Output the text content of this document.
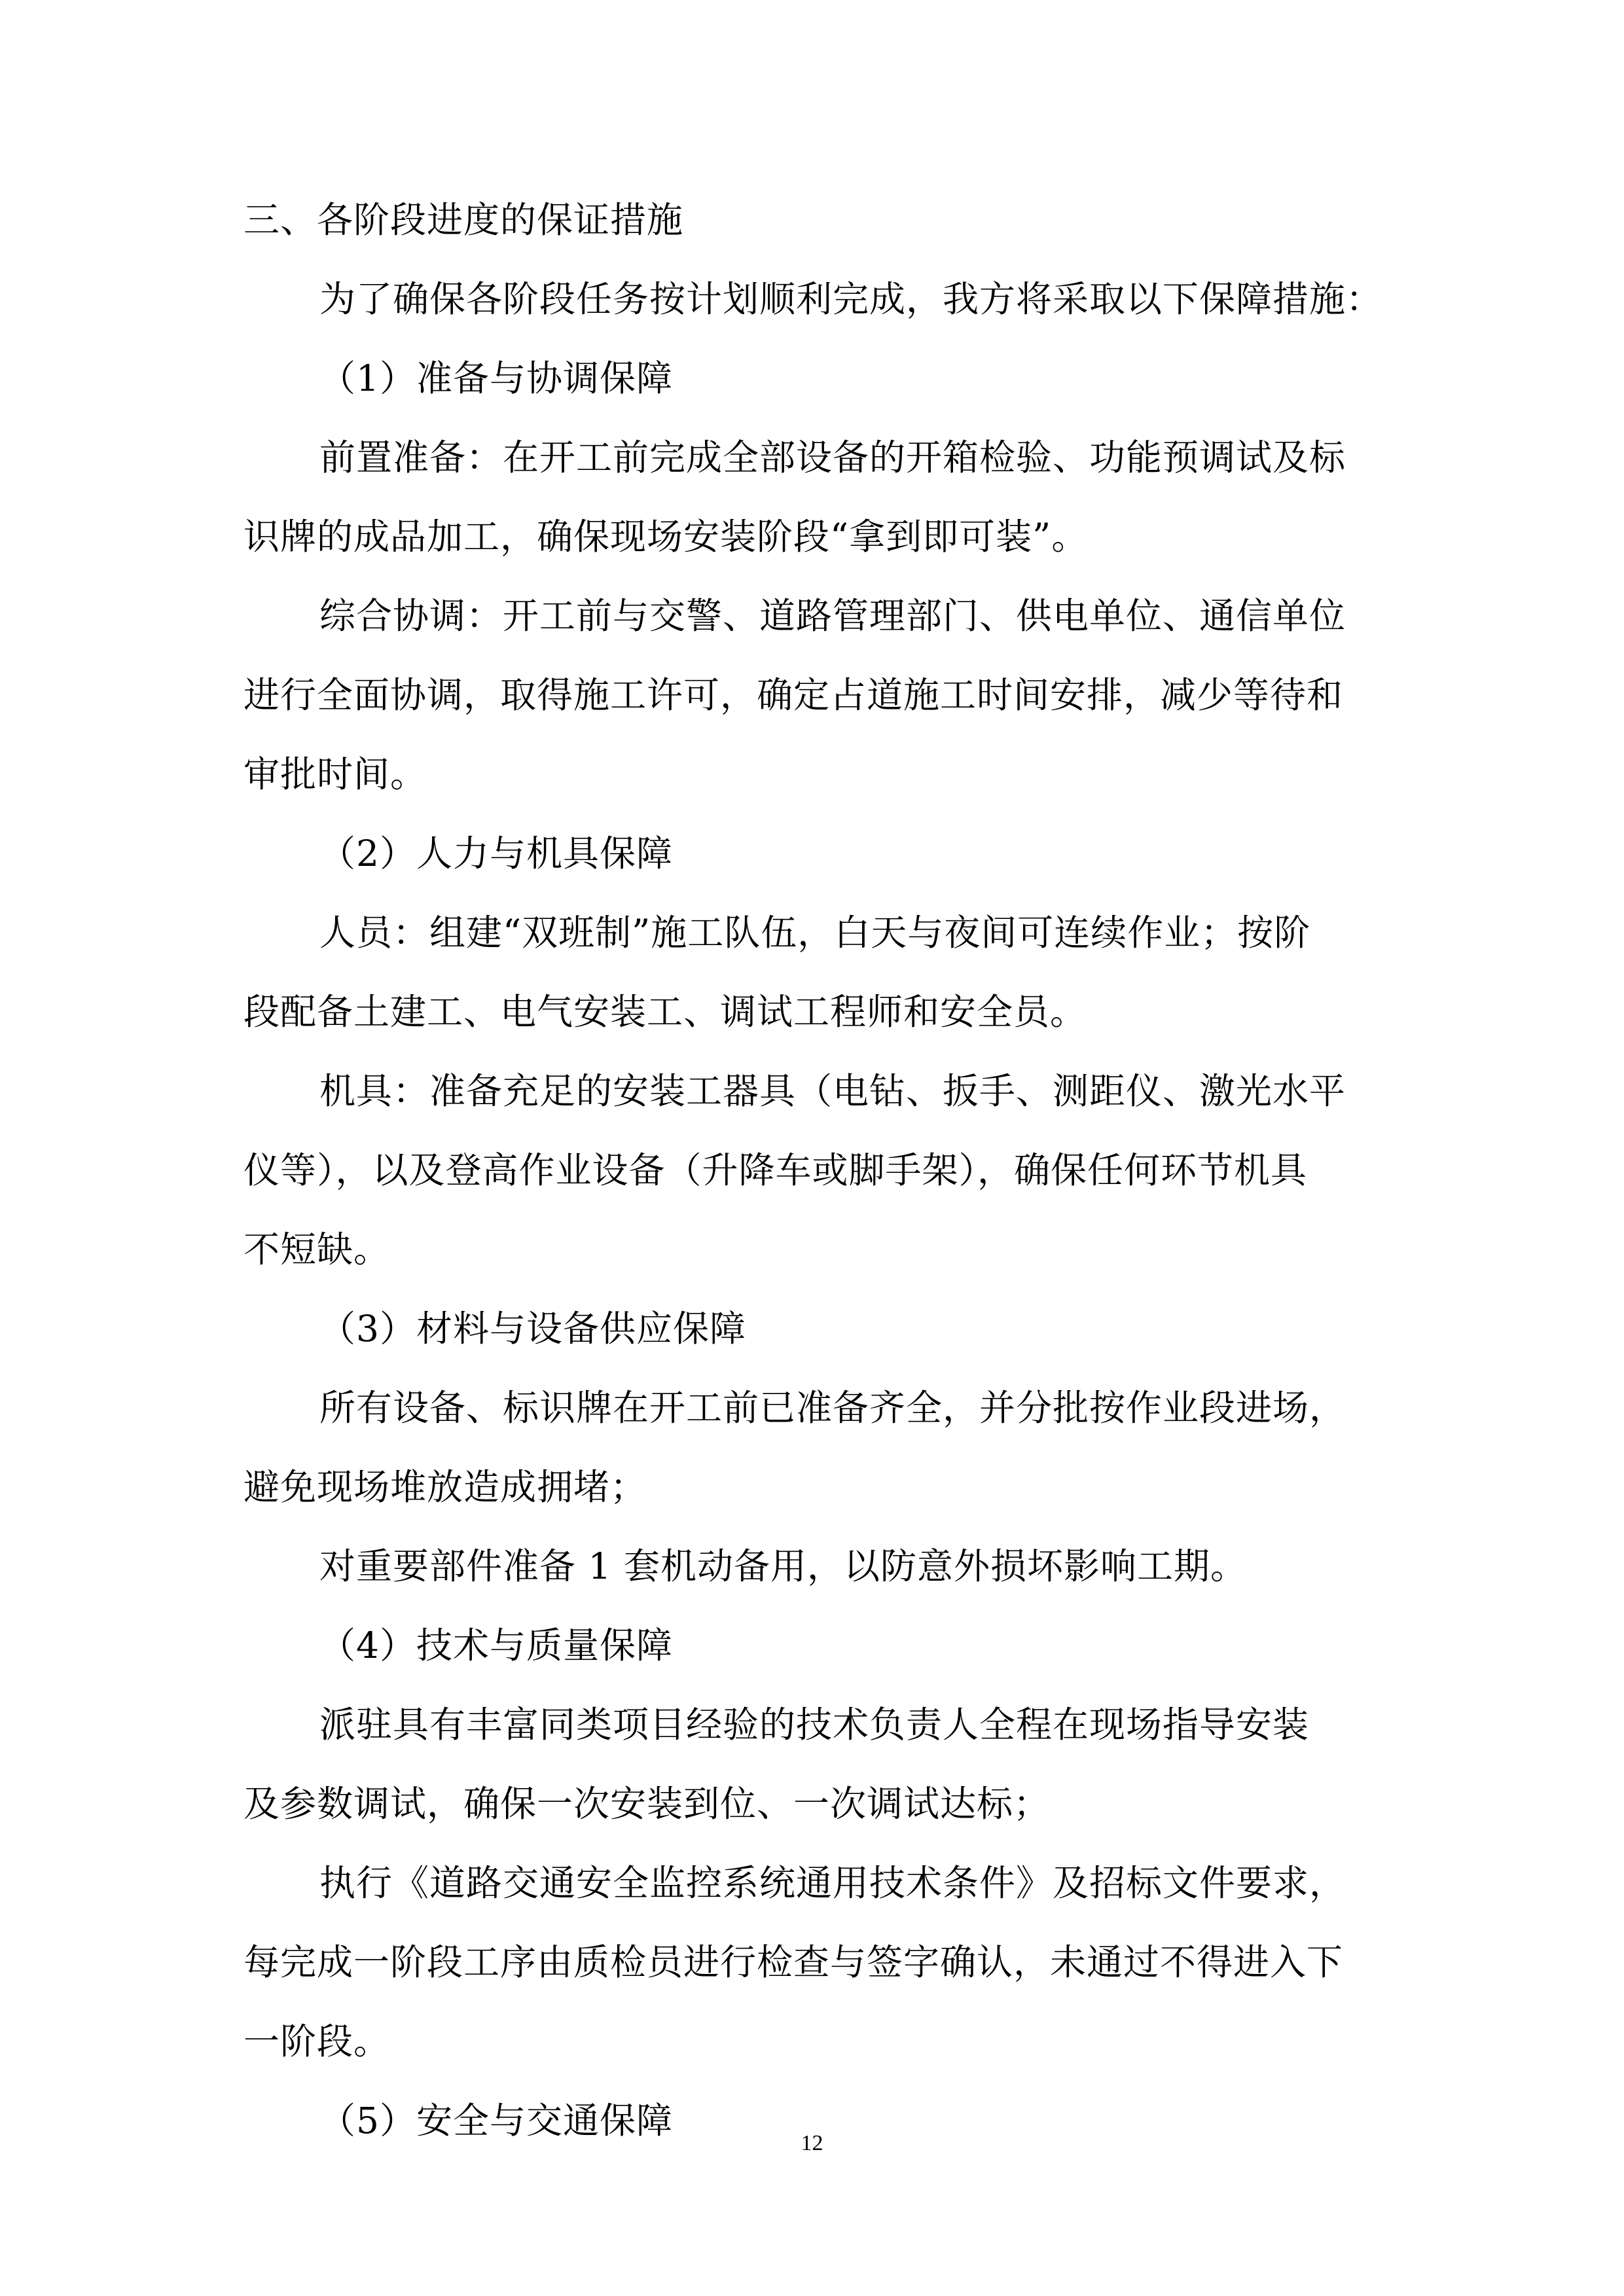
三、各阶段进度的保证措施
为了确保各阶段任务按计划顺利完成，我方将采取以下保障措施：
（1）准备与协调保障
前置准备：在开工前完成全部设备的开箱检验、功能预调试及标
识牌的成品加工，确保现场安装阶段“拿到即可装”。
综合协调：开工前与交警、道路管理部门、供电单位、通信单位
进行全面协调，取得施工许可，确定占道施工时间安排，减少等待和
审批时间。
（2）人力与机具保障
人员：组建“双班制”施工队伍，白天与夜间可连续作业；按阶
段配备土建工、电气安装工、调试工程师和安全员。
机具：准备充足的安装工器具（电钻、扳手、测距仪、激光水平
仪等），以及登高作业设备（升降车或脚手架），确保任何环节机具
不短缺。
（3）材料与设备供应保障
所有设备、标识牌在开工前已准备齐全，并分批按作业段进场，
避免现场堆放造成拥堵；
对重要部件准备 1 套机动备用，以防意外损坏影响工期。
（4）技术与质量保障
派驻具有丰富同类项目经验的技术负责人全程在现场指导安装
及参数调试，确保一次安装到位、一次调试达标；
执行《道路交通安全监控系统通用技术条件》及招标文件要求，
每完成一阶段工序由质检员进行检查与签字确认，未通过不得进入下
一阶段。
（5）安全与交通保障
12
